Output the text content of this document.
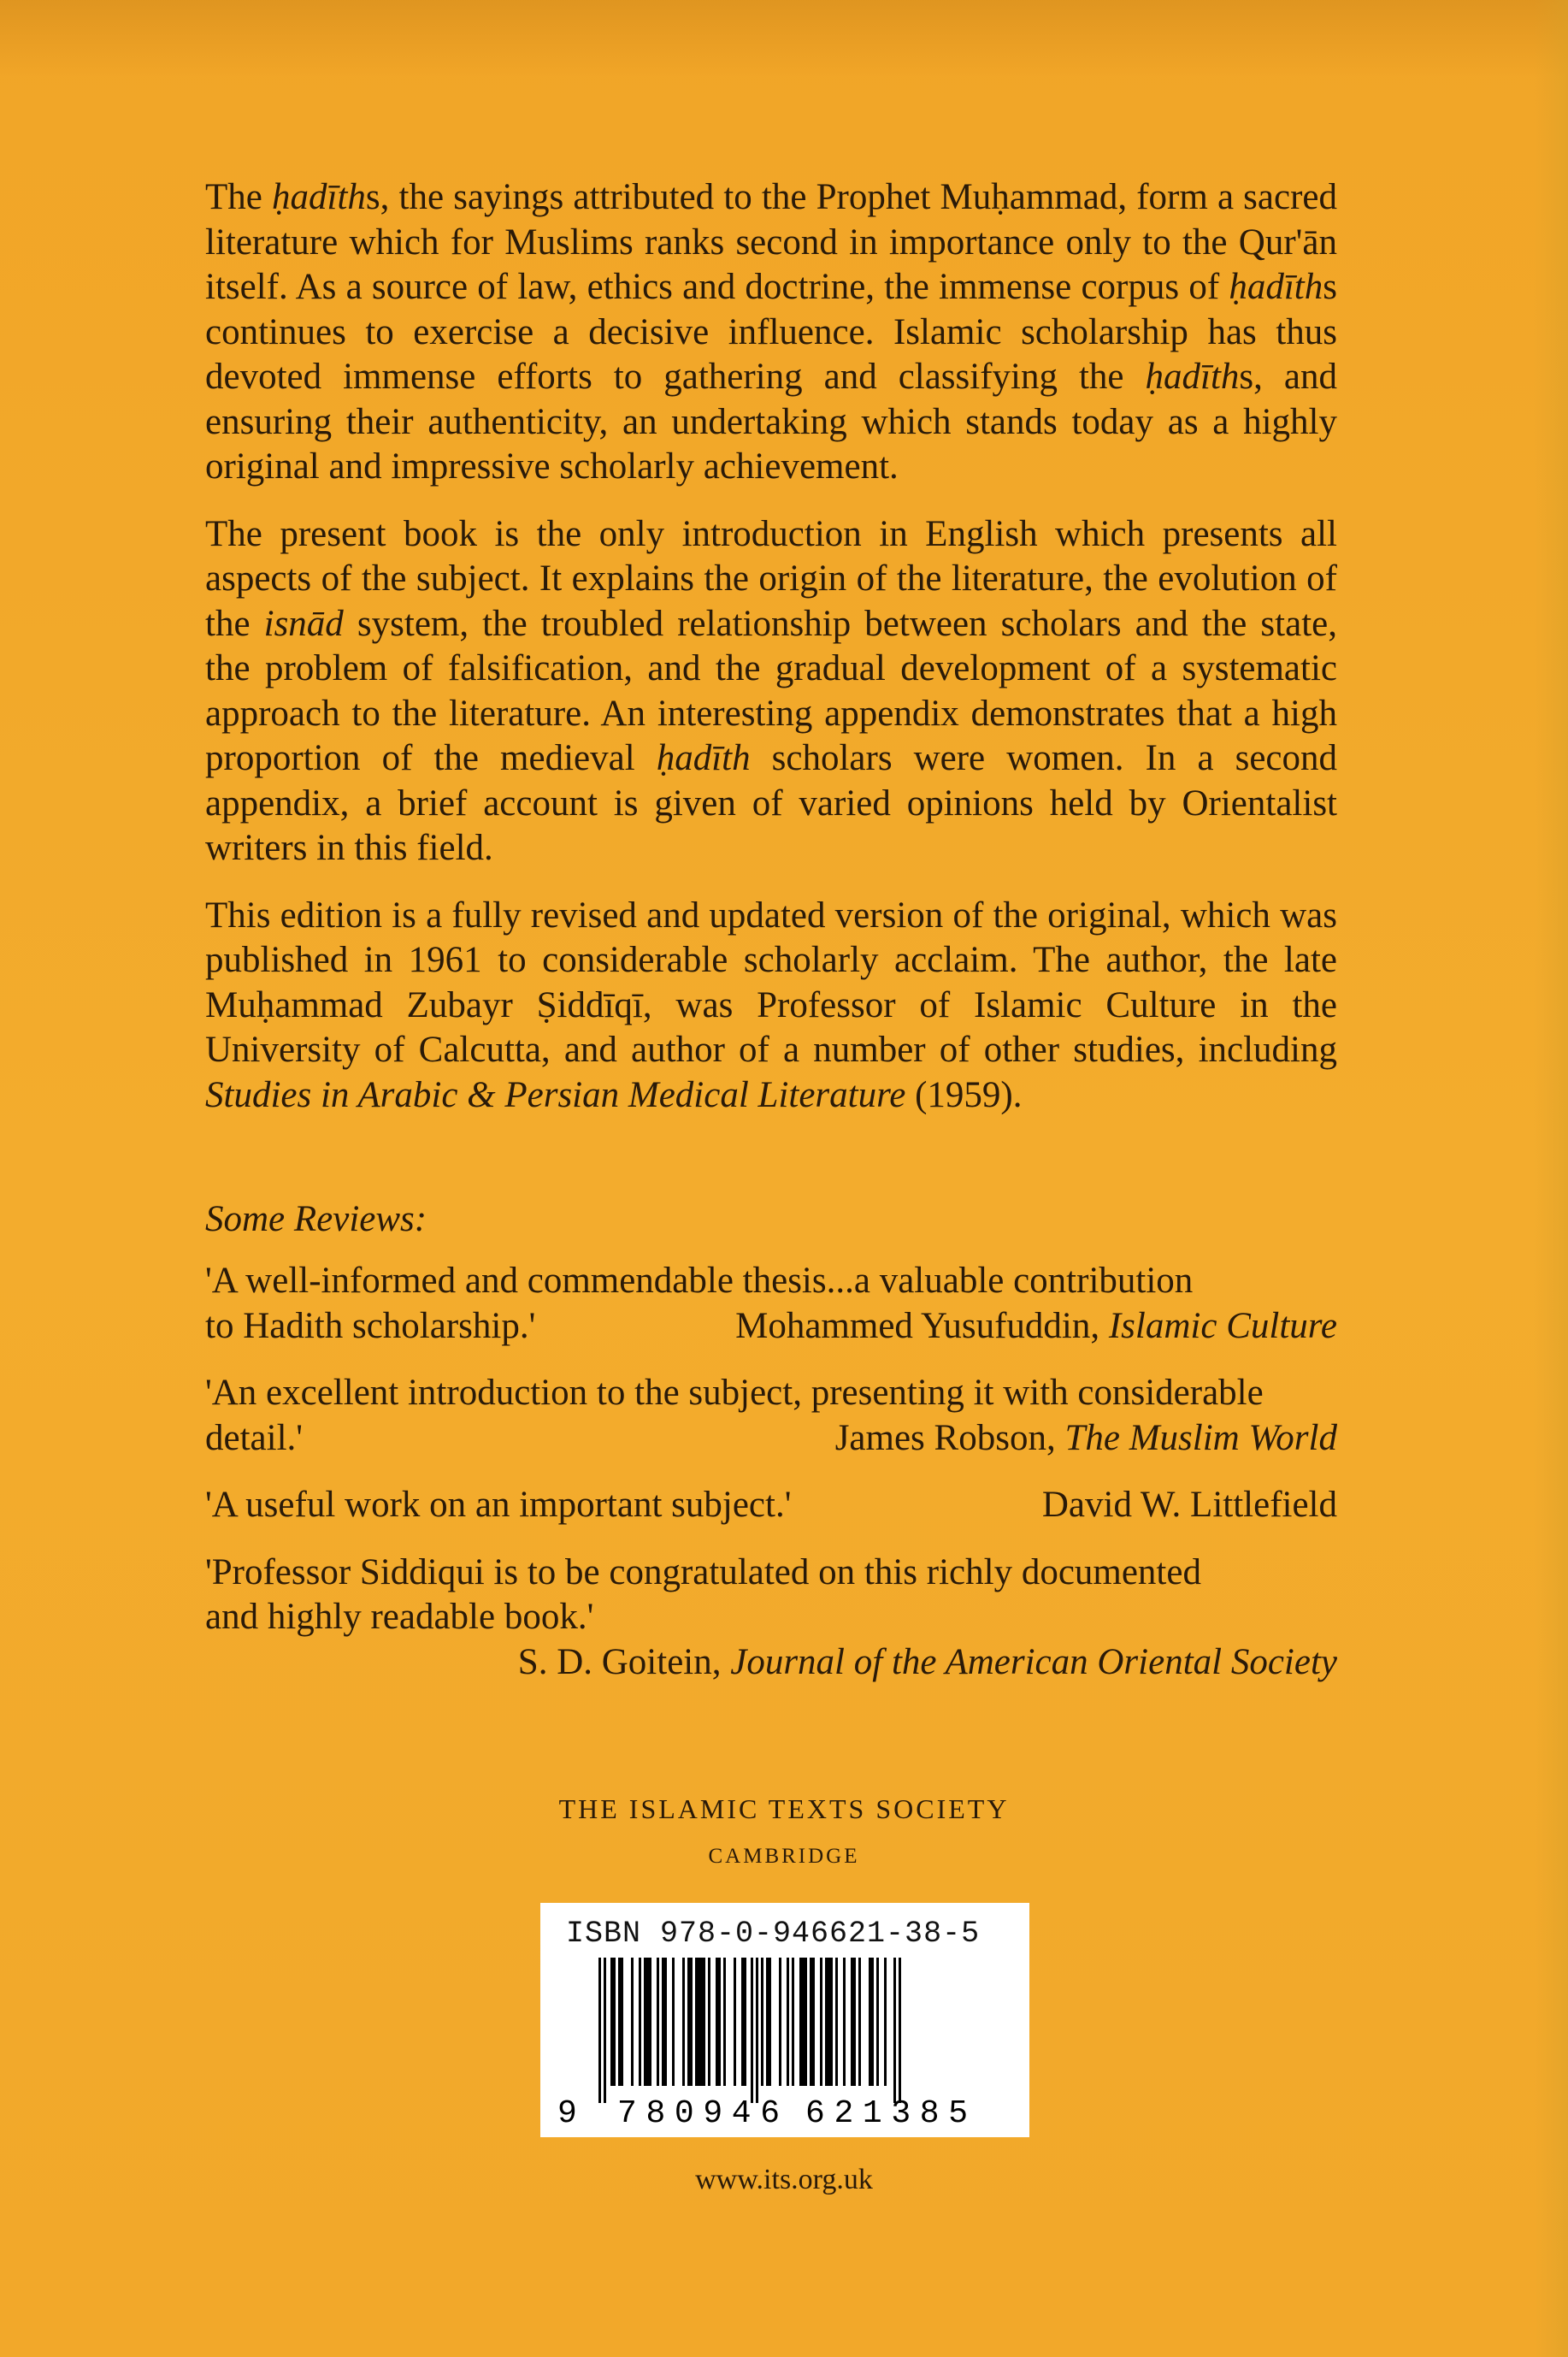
The ḥadīths, the sayings attributed to the Prophet Muḥammad, form a sacred literature which for Muslims ranks second in importance only to the Qur'ān itself. As a source of law, ethics and doctrine, the immense corpus of ḥadīths continues to exercise a decisive influence. Islamic scholarship has thus devoted immense efforts to gathering and classifying the ḥadīths, and ensuring their authenticity, an undertaking which stands today as a highly original and impressive scholarly achievement.

The present book is the only introduction in English which presents all aspects of the subject. It explains the origin of the literature, the evolution of the isnād system, the troubled relationship between scholars and the state, the problem of falsification, and the gradual development of a systematic approach to the literature. An interesting appendix demonstrates that a high proportion of the medieval ḥadīth scholars were women. In a second appendix, a brief account is given of varied opinions held by Orientalist writers in this field.

This edition is a fully revised and updated version of the original, which was published in 1961 to considerable scholarly acclaim. The author, the late Muḥammad Zubayr Ṣiddīqī, was Professor of Islamic Culture in the University of Calcutta, and author of a number of other studies, including Studies in Arabic & Persian Medical Literature (1959).

Some Reviews:
'A well-informed and commendable thesis...a valuable contribution
to Hadith scholarship.'	Mohammed Yusufuddin, Islamic Culture
'An excellent introduction to the subject, presenting it with considerable
detail.'	James Robson, The Muslim World
'A useful work on an important subject.'	David W. Littlefield
'Professor Siddiqui is to be congratulated on this richly documented
and highly readable book.'
S. D. Goitein, Journal of the American Oriental Society
THE ISLAMIC TEXTS SOCIETY
CAMBRIDGE
ISBN 978-0-946621-38-5
9 780946 621385
www.its.org.uk
